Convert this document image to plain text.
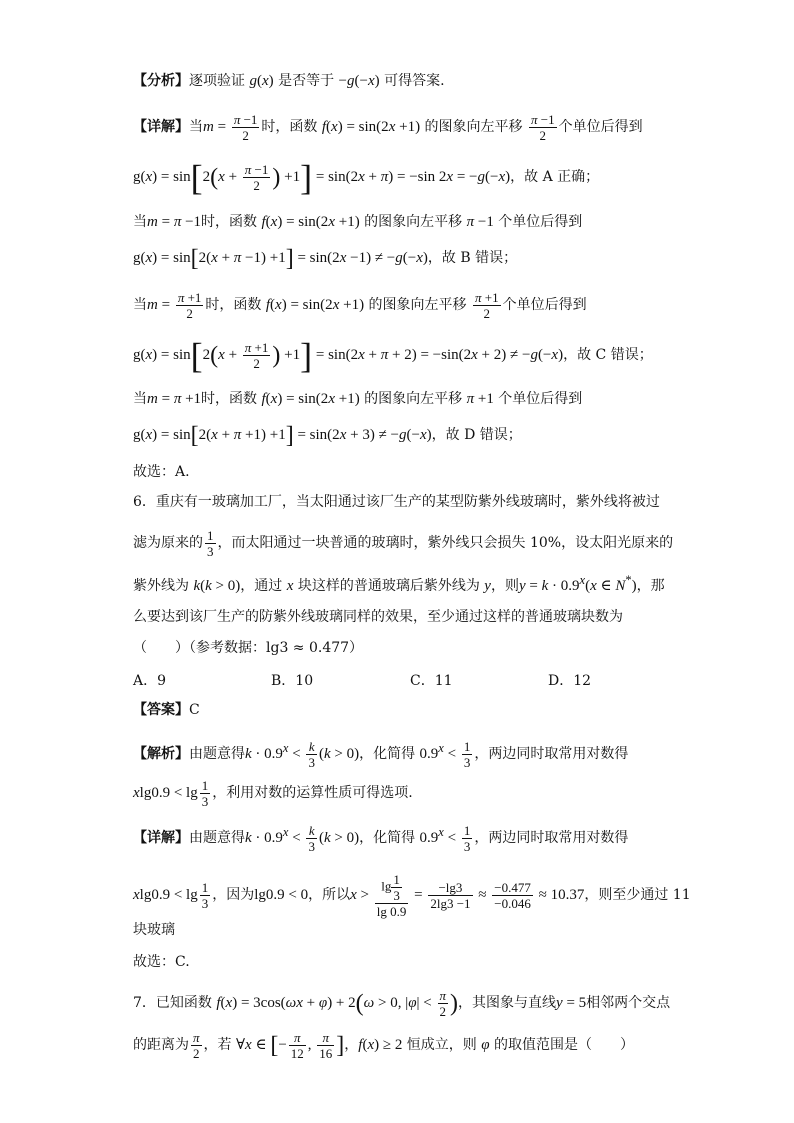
【分析】逐项验证 g(x) 是否等于 −g(−x) 可得答案.
【详解】当$m = \frac{\pi -1}{2}$ 时，函数 f(x) = sin(2x +1) 的图象向左平移 $\frac{\pi -1}{2}$ 个单位后得到
$g(x) = \sin[2(x + \frac{\pi -1}{2}$ ) +1] = sin(2x + π) = −sin 2x = −g(−x)，故 A 正确；
当m = π −1时，函数 f(x) = sin(2x +1) 的图象向左平移 π −1 个单位后得到
g(x) = sin[2(x + π −1) +1] = sin(2x −1) ≠ −g(−x)，故 B 错误；
当$m = \frac{\pi +1}{2}$ 时，函数 f(x) = sin(2x +1) 的图象向左平移 $\frac{\pi +1}{2}$ 个单位后得到
$g(x) = \sin[2(x + \frac{\pi +1}{2}$ ) +1] = sin(2x + π + 2) = −sin(2x + 2) ≠ −g(−x)，故 C 错误；
当m = π +1时，函数 f(x) = sin(2x +1) 的图象向左平移 π +1 个单位后得到
g(x) = sin[2(x + π +1) +1] = sin(2x + 3) ≠ −g(−x)，故 D 错误；
故选：A.
6．重庆有一玻璃加工厂，当太阳通过该厂生产的某型防紫外线玻璃时，紫外线将被过
滤为原来的 $\frac{1}{3}$ ，而太阳通过一块普通的玻璃时，紫外线只会损失 10%，设太阳光原来的
紫外线为 k(k > 0)，通过 x 块这样的普通玻璃后紫外线为 y，则$y = k \cdot 0.9^x(x$ ∈ N*)，那
么要达到该厂生产的防紫外线玻璃同样的效果，至少通过这样的普通玻璃块数为
（　　）（参考数据：lg3 ≈ 0.477）
A．9	B．10	C．11	D．12
【答案】C
【解析】由题意得$k \cdot 0.9^x < \frac{k}{3} (k > 0)$，化简得 $0.9^x < \frac{1}{3}$ ，两边同时取常用对数得
$xlg0.9 < \lg \frac{1}{3}$ ，利用对数的运算性质可得选项.
【详解】由题意得$k \cdot 0.9^x < \frac{k}{3} (k > 0)$，化简得 $0.9^x < \frac{1}{3}$ ，两边同时取常用对数得
$xlg0.9 < \lg \frac{1}{3}$ ，因为lg0.9 < 0，所以$x > \frac{\lg \frac{1}{3}}{\lg 0.9} = \frac{-\lg 3}{2\lg 3 -1} \approx \frac{-0.477}{-0.046} \approx 10.37$，则至少通过 11
块玻璃
故选：C.
7．已知函数 f(x) = 3cos(ωx + φ) + 2(ω > 0, $|\varphi| < \frac{\pi}{2}$ )，其图象与直线y = 5相邻两个交点
的距离为 $\frac{\pi}{2}$ ，若 ∀x ∈ [− $\frac{\pi}{12}$ , $\frac{\pi}{16}$ ]，f(x) ≥ 2 恒成立，则 φ 的取值范围是（　　）
